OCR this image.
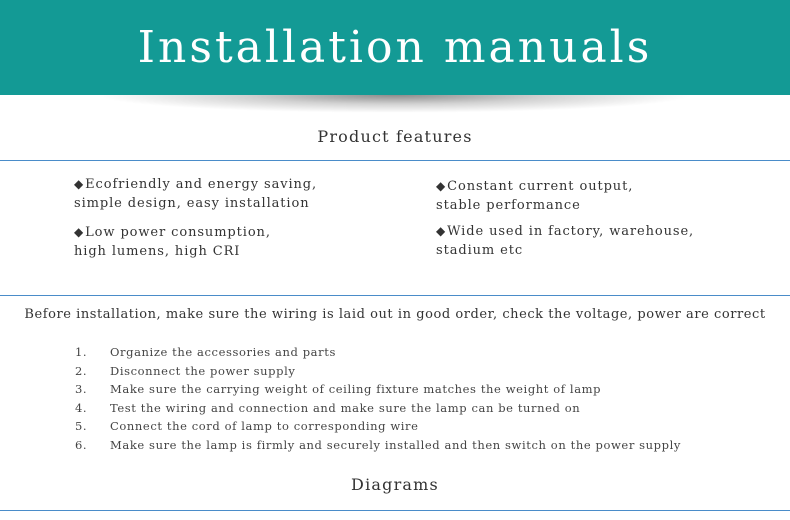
Installation manuals
Product features
◆Ecofriendly and energy saving,
simple design, easy installation
◆Low power consumption,
high lumens, high CRI
◆Constant current output,
stable performance
◆Wide used in factory, warehouse,
stadium etc
Before installation, make sure the wiring is laid out in good order, check the voltage, power are correct
1. Organize the accessories and parts
2. Disconnect the power supply
3. Make sure the carrying weight of ceiling fixture matches the weight of lamp
4. Test the wiring and connection and make sure the lamp can be turned on
5. Connect the cord of lamp to corresponding wire
6. Make sure the lamp is firmly and securely installed and then switch on the power supply
Diagrams
